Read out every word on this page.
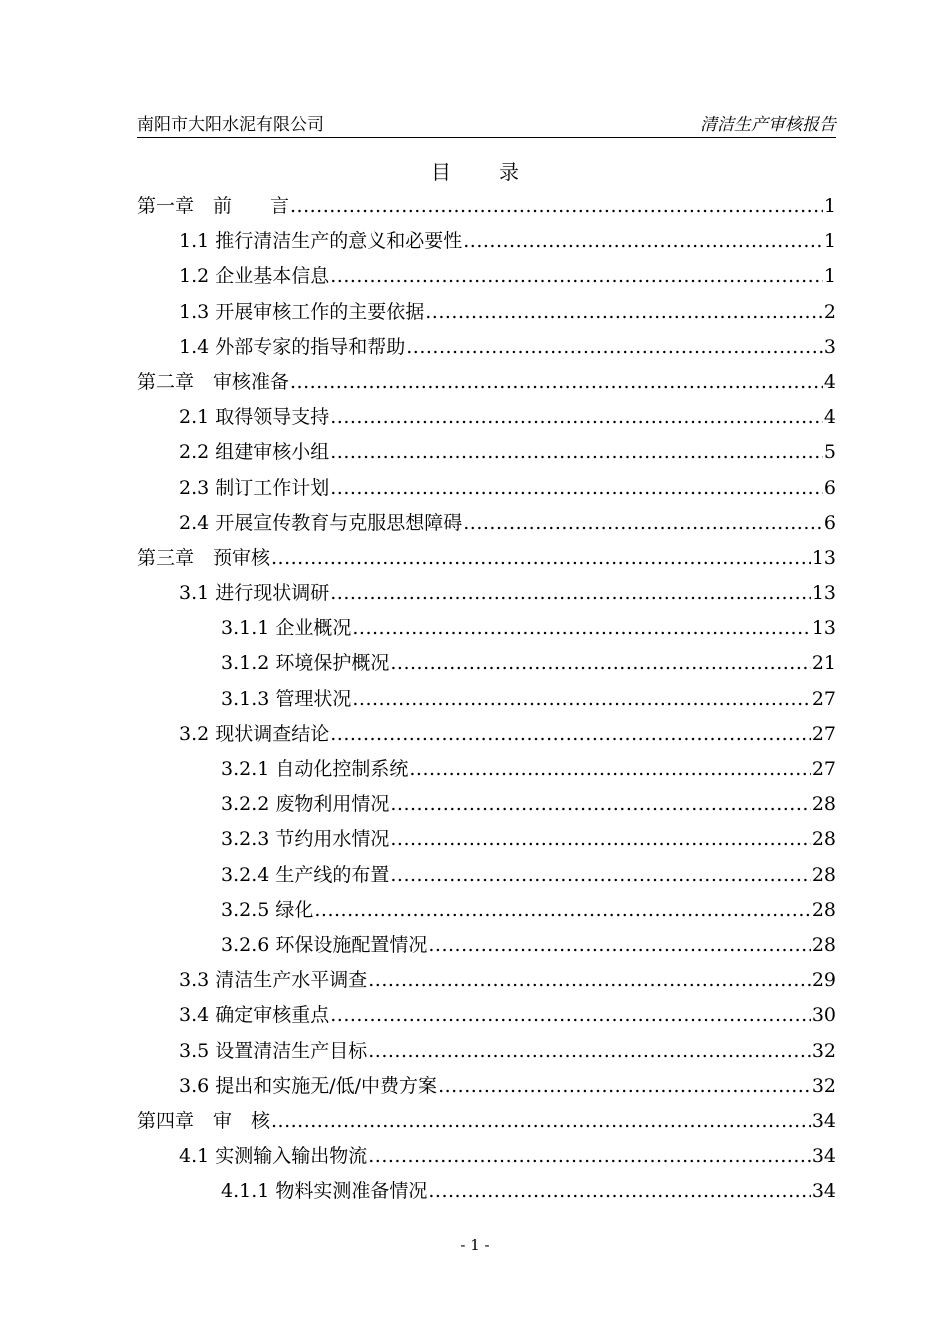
南阳市大阳水泥有限公司	清洁生产审核报告
目 录
第一章　前　　言 .....	1
1.1 推行清洁生产的意义和必要性 .....	1
1.2 企业基本信息 .....	1
1.3 开展审核工作的主要依据 .....	2
1.4 外部专家的指导和帮助 .....	3
第二章　审核准备 .....	4
2.1 取得领导支持 .....	4
2.2 组建审核小组 .....	5
2.3 制订工作计划 .....	6
2.4 开展宣传教育与克服思想障碍 .....	6
第三章　预审核 .....	13
3.1 进行现状调研 .....	13
3.1.1 企业概况 .....	13
3.1.2 环境保护概况 .....	21
3.1.3 管理状况 .....	27
3.2 现状调查结论 .....	27
3.2.1 自动化控制系统 .....	27
3.2.2 废物利用情况 .....	28
3.2.3 节约用水情况 .....	28
3.2.4 生产线的布置 .....	28
3.2.5 绿化 .....	28
3.2.6 环保设施配置情况 .....	28
3.3 清洁生产水平调查 .....	29
3.4 确定审核重点 .....	30
3.5 设置清洁生产目标 .....	32
3.6 提出和实施无/低/中费方案 .....	32
第四章　审　核 .....	34
4.1 实测输入输出物流 .....	34
4.1.1 物料实测准备情况 .....	34
- 1 -
